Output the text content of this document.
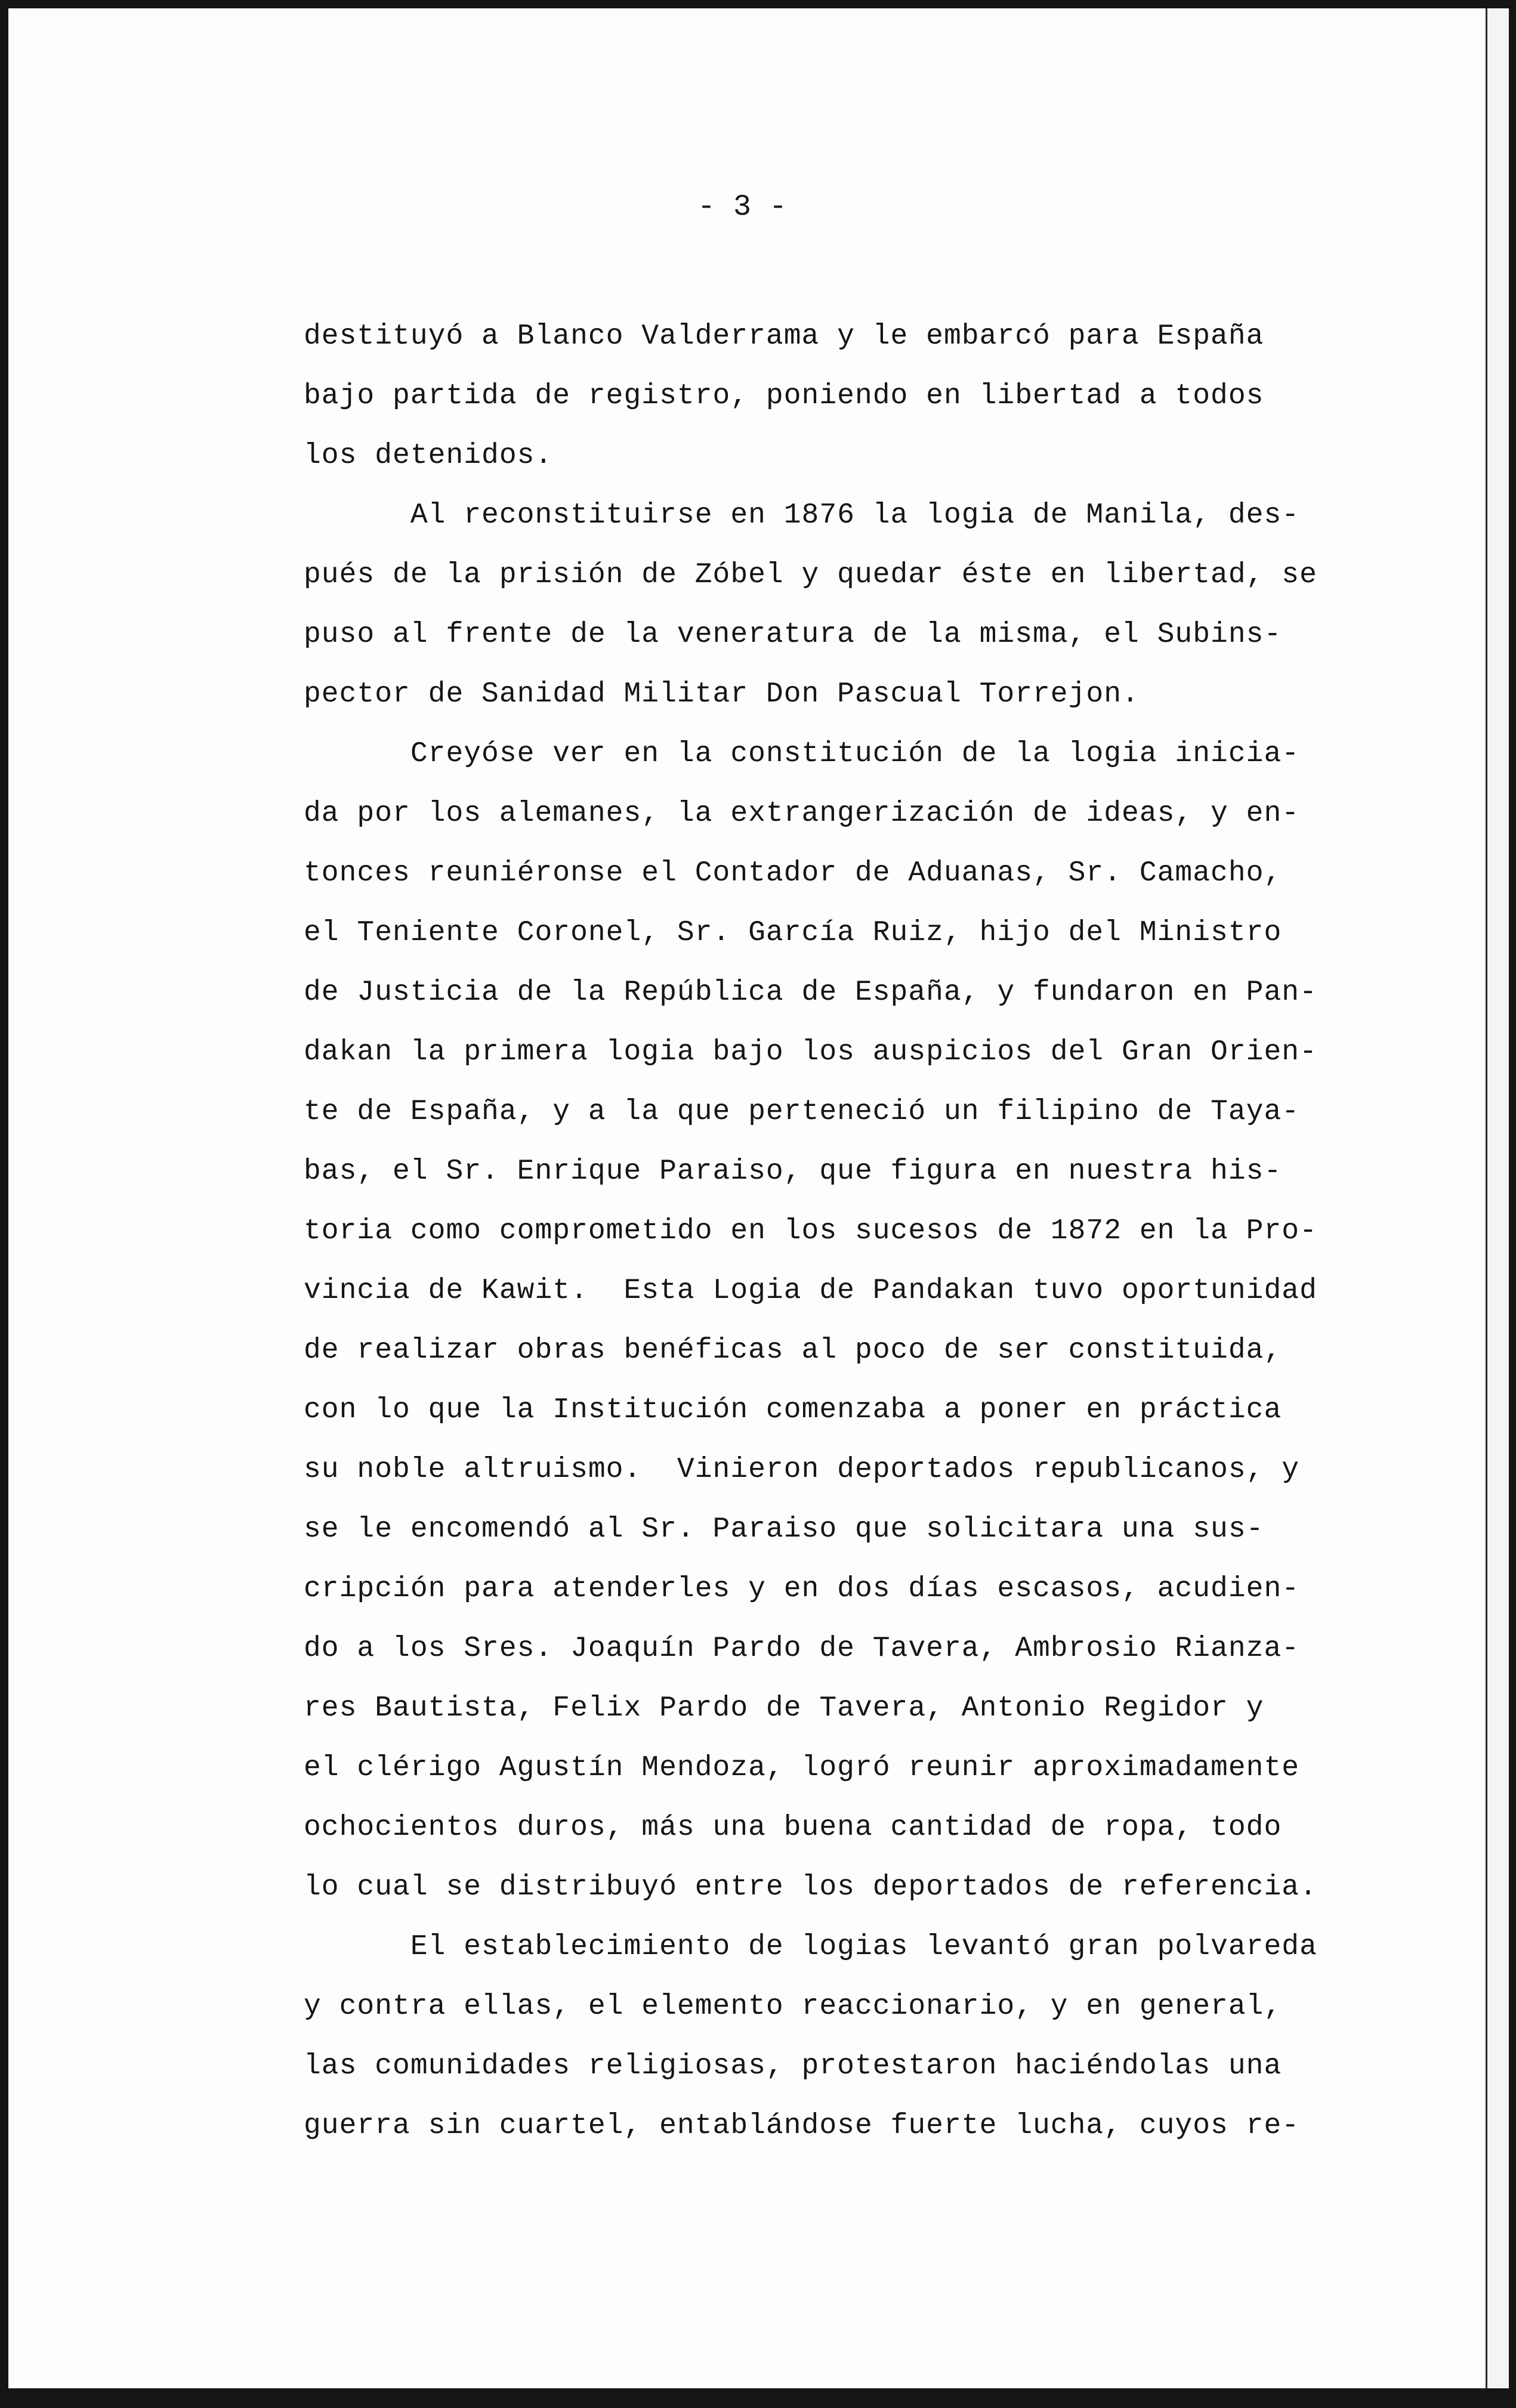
- 3 -
destituyó a Blanco Valderrama y le embarcó para España
bajo partida de registro, poniendo en libertad a todos
los detenidos.
Al reconstituirse en 1876 la logia de Manila, des-
pués de la prisión de Zóbel y quedar éste en libertad, se
puso al frente de la veneratura de la misma, el Subins-
pector de Sanidad Militar Don Pascual Torrejon.
Creyóse ver en la constitución de la logia inicia-
da por los alemanes, la extrangerización de ideas, y en-
tonces reuniéronse el Contador de Aduanas, Sr. Camacho,
el Teniente Coronel, Sr. García Ruiz, hijo del Ministro
de Justicia de la República de España, y fundaron en Pan-
dakan la primera logia bajo los auspicios del Gran Orien-
te de España, y a la que perteneció un filipino de Taya-
bas, el Sr. Enrique Paraiso, que figura en nuestra his-
toria como comprometido en los sucesos de 1872 en la Pro-
vincia de Kawit.  Esta Logia de Pandakan tuvo oportunidad
de realizar obras benéficas al poco de ser constituida,
con lo que la Institución comenzaba a poner en práctica
su noble altruismo.  Vinieron deportados republicanos, y
se le encomendó al Sr. Paraiso que solicitara una sus-
cripción para atenderles y en dos días escasos, acudien-
do a los Sres. Joaquín Pardo de Tavera, Ambrosio Rianza-
res Bautista, Felix Pardo de Tavera, Antonio Regidor y
el clérigo Agustín Mendoza, logró reunir aproximadamente
ochocientos duros, más una buena cantidad de ropa, todo
lo cual se distribuyó entre los deportados de referencia.
El establecimiento de logias levantó gran polvareda
y contra ellas, el elemento reaccionario, y en general,
las comunidades religiosas, protestaron haciéndolas una
guerra sin cuartel, entablándose fuerte lucha, cuyos re-
